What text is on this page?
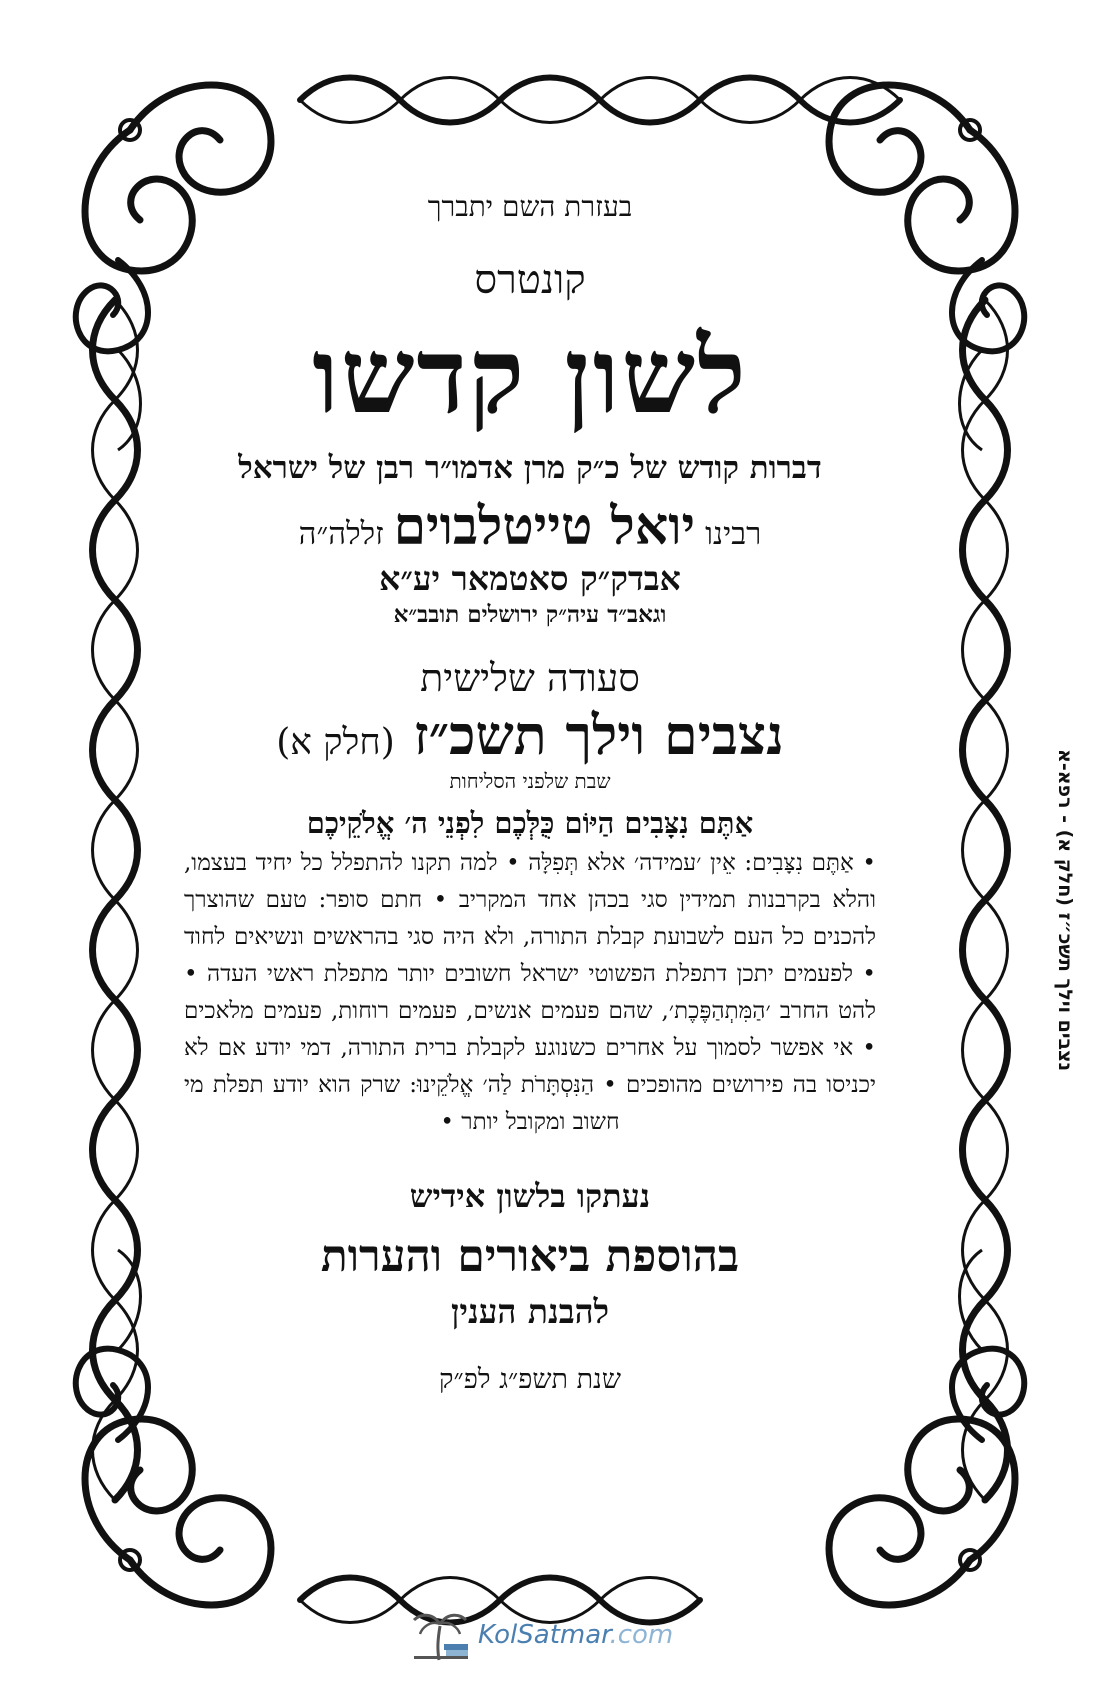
בעזרת השם יתברך
קונטרס
לשון קדשו
דברות קודש של כ״ק מרן אדמו״ר רבן של ישראל
רבינו יואל טייטלבוים זללה״ה
אבדק״ק סאטמאר יע״א
וגאב״ד עיה״ק ירושלים תובב״א
סעודה שלישית
נצבים וילך תשכ״ז (חלק א)
שבת שלפני הסליחות
אַתֶּם נִצָּבִים הַיּוֹם כֻּלְּכֶם לִפְנֵי ה׳ אֱלֹקֵיכֶם

• אַתֶּם נִצָּבִים: אֵין ׳עמידה׳ אלא תְּפִלָּה • למה תקנו להתפלל כל יחיד בעצמו, והלא בקרבנות תמידין סגי בכהן אחד המקריב • חתם סופר: טעם שהוצרך להכנים כל העם לשבועת קבלת התורה, ולא היה סגי בהראשים ונשיאים לחוד • לפעמים יתכן דתפלת הפשוטי ישראל חשובים יותר מתפלת ראשי העדה • להט החרב ׳הַמִּתְהַפֶּכֶת׳, שהם פעמים אנשים, פעמים רוחות, פעמים מלאכים • אי אפשר לסמוך על אחרים כשנוגע לקבלת ברית התורה, דמי יודע אם לא יכניסו בה פירושים מהופכים • הַנִּסְתָּרֹת לַה׳ אֱלֹקֵינוּ: שרק הוא יודע תפלת מי חשוב ומקובל יותר •

נעתקו בלשון אידיש
בהוספת ביאורים והערות
להבנת הענין
שנת תשפ״ג לפ״ק
נצבים וילך תשכ״ז (חלק א) - רפא-א
KolSatmar.com
